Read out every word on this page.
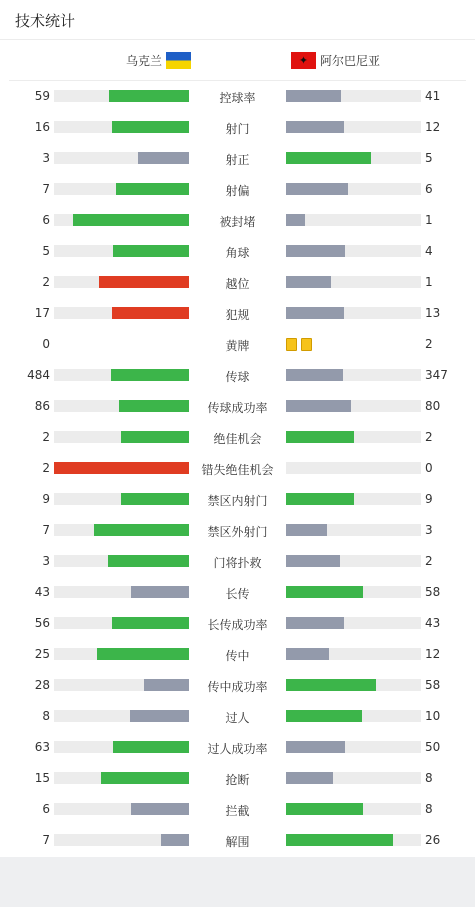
技术统计
乌克兰
✦	阿尔巴尼亚
59	控球率	41
16	射门	12
3	射正	5
7	射偏	6
6	被封堵	1
5	角球	4
2	越位	1
17	犯规	13
0	黄牌	2
484	传球	347
86	传球成功率	80
2	绝佳机会	2
2	错失绝佳机会	0
9	禁区内射门	9
7	禁区外射门	3
3	门将扑救	2
43	长传	58
56	长传成功率	43
25	传中	12
28	传中成功率	58
8	过人	10
63	过人成功率	50
15	抢断	8
6	拦截	8
7	解围	26
